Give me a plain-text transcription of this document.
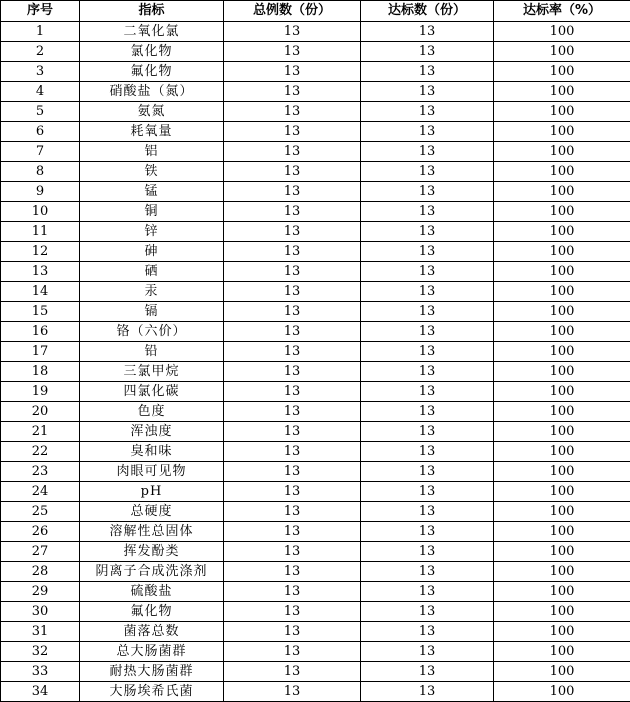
序号	指标	总例数（份）	达标数（份）	达标率（%）
1	二氧化氯	13	13	100
2	氯化物	13	13	100
3	氟化物	13	13	100
4	硝酸盐（氮）	13	13	100
5	氨氮	13	13	100
6	耗氧量	13	13	100
7	铝	13	13	100
8	铁	13	13	100
9	锰	13	13	100
10	铜	13	13	100
11	锌	13	13	100
12	砷	13	13	100
13	硒	13	13	100
14	汞	13	13	100
15	镉	13	13	100
16	铬（六价）	13	13	100
17	铅	13	13	100
18	三氯甲烷	13	13	100
19	四氯化碳	13	13	100
20	色度	13	13	100
21	浑浊度	13	13	100
22	臭和味	13	13	100
23	肉眼可见物	13	13	100
24	pH	13	13	100
25	总硬度	13	13	100
26	溶解性总固体	13	13	100
27	挥发酚类	13	13	100
28	阴离子合成洗涤剂	13	13	100
29	硫酸盐	13	13	100
30	氟化物	13	13	100
31	菌落总数	13	13	100
32	总大肠菌群	13	13	100
33	耐热大肠菌群	13	13	100
34	大肠埃希氏菌	13	13	100
